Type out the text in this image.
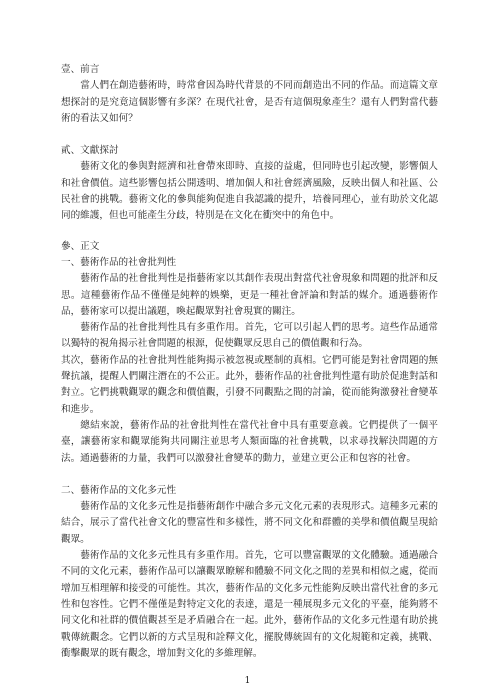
壹、前言

當人們在創造藝術時，時常會因為時代背景的不同而創造出不同的作品。而這篇文章想探討的是究竟這個影響有多深？在現代社會，是否有這個現象產生？還有人們對當代藝術的看法又如何？

貳、文獻探討

藝術文化的參與對經濟和社會帶來即時、直接的益處，但同時也引起改變，影響個人和社會價值。這些影響包括公開透明、增加個人和社會經濟風險，反映出個人和社區、公民社會的挑戰。藝術文化的參與能夠促進自我認識的提升，培養同理心，並有助於文化認同的維護，但也可能產生分歧，特別是在文化在衝突中的角色中。

參、正文

一、藝術作品的社會批判性

藝術作品的社會批判性是指藝術家以其創作表現出對當代社會現象和問題的批評和反思。這種藝術作品不僅僅是純粹的娛樂，更是一種社會評論和對話的媒介。通過藝術作品，藝術家可以提出議題，喚起觀眾對社會現實的關注。

藝術作品的社會批判性具有多重作用。首先，它可以引起人們的思考。這些作品通常以獨特的視角揭示社會問題的根源，促使觀眾反思自己的價值觀和行為。

其次，藝術作品的社會批判性能夠揭示被忽視或壓制的真相。它們可能是對社會問題的無聲抗議，提醒人們關注潛在的不公正。此外，藝術作品的社會批判性還有助於促進對話和對立。它們挑戰觀眾的觀念和價值觀，引發不同觀點之間的討論，從而能夠激發社會變革和進步。

總結來說，藝術作品的社會批判性在當代社會中具有重要意義。它們提供了一個平臺，讓藝術家和觀眾能夠共同關注並思考人類面臨的社會挑戰，以求尋找解決問題的方法。通過藝術的力量，我們可以激發社會變革的動力，並建立更公正和包容的社會。

二、藝術作品的文化多元性

藝術作品的文化多元性是指藝術創作中融合多元文化元素的表現形式。這種多元素的結合，展示了當代社會文化的豐富性和多樣性，將不同文化和群體的美學和價值觀呈現給觀眾。

藝術作品的文化多元性具有多重作用。首先，它可以豐富觀眾的文化體驗。通過融合不同的文化元素，藝術作品可以讓觀眾瞭解和體驗不同文化之間的差異和相似之處，從而增加互相理解和接受的可能性。其次，藝術作品的文化多元性能夠反映出當代社會的多元性和包容性。它們不僅僅是對特定文化的表達，還是一種展現多元文化的平臺，能夠將不同文化和社群的價值觀甚至是矛盾融合在一起。此外，藝術作品的文化多元性還有助於挑戰傳統觀念。它們以新的方式呈現和詮釋文化，擺脫傳統固有的文化規範和定義，挑戰、衝擊觀眾的既有觀念，增加對文化的多維理解。

1
